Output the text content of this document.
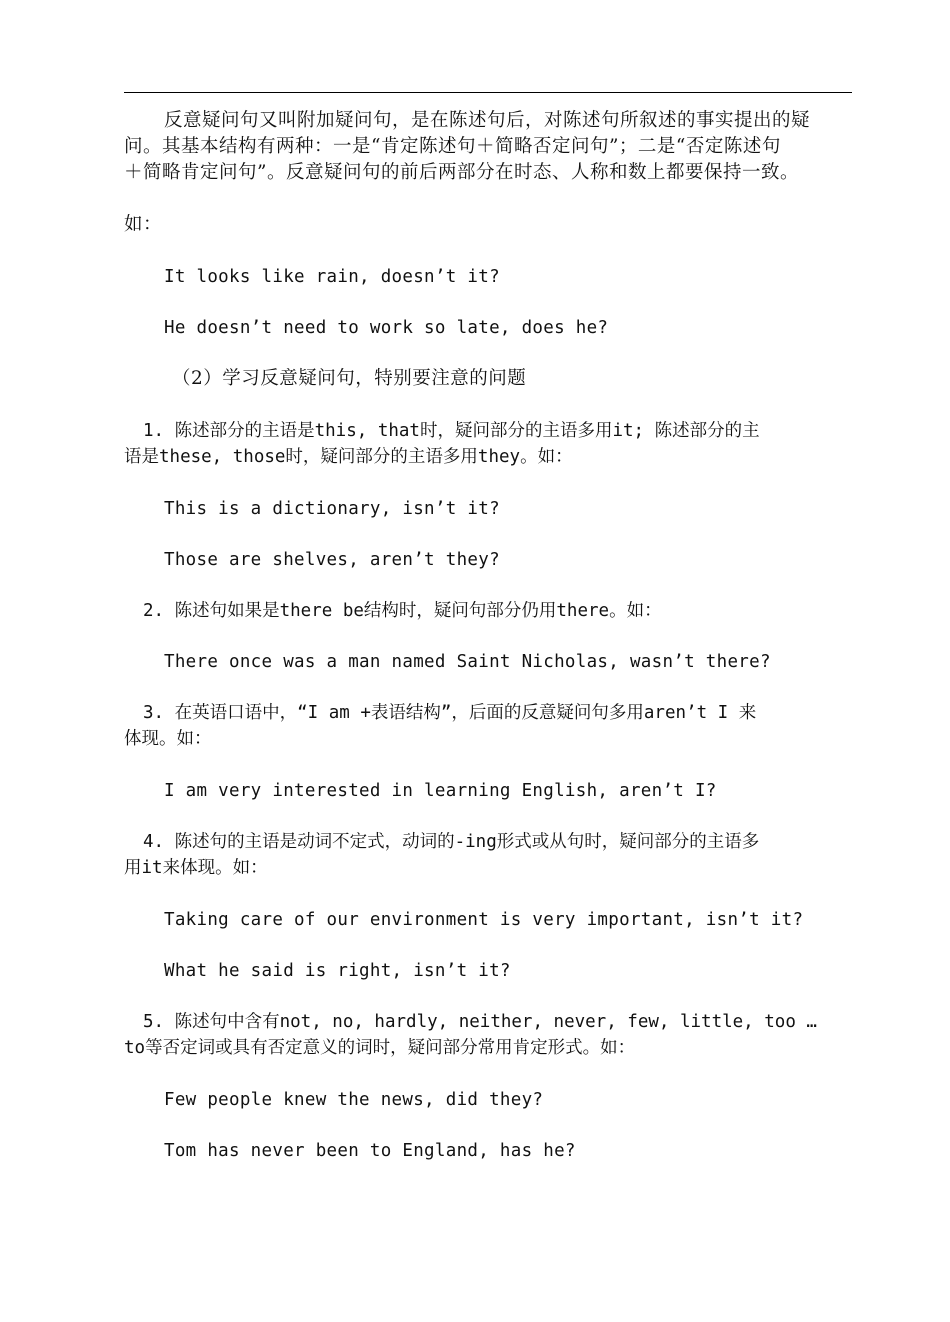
反意疑问句又叫附加疑问句，是在陈述句后，对陈述句所叙述的事实提出的疑
问。其基本结构有两种：一是“肯定陈述句＋简略否定问句”；二是“否定陈述句
＋简略肯定问句”。反意疑问句的前后两部分在时态、人称和数上都要保持一致。
如：
It looks like rain, doesn’t it?
He doesn’t need to work so late, does he?
（2）学习反意疑问句，特别要注意的问题
1. 陈述部分的主语是this, that时，疑问部分的主语多用it; 陈述部分的主
语是these, those时，疑问部分的主语多用they。如：
This is a dictionary, isn’t it?
Those are shelves, aren’t they?
2. 陈述句如果是there be结构时，疑问句部分仍用there。如：
There once was a man named Saint Nicholas, wasn’t there?
3. 在英语口语中，“I am +表语结构”，后面的反意疑问句多用aren’t I 来
体现。如：
I am very interested in learning English, aren’t I?
4. 陈述句的主语是动词不定式，动词的-ing形式或从句时，疑问部分的主语多
用it来体现。如：
Taking care of our environment is very important, isn’t it?
What he said is right, isn’t it?
5. 陈述句中含有not, no, hardly, neither, never, few, little, too …
to等否定词或具有否定意义的词时，疑问部分常用肯定形式。如：
Few people knew the news, did they?
Tom has never been to England, has he?
